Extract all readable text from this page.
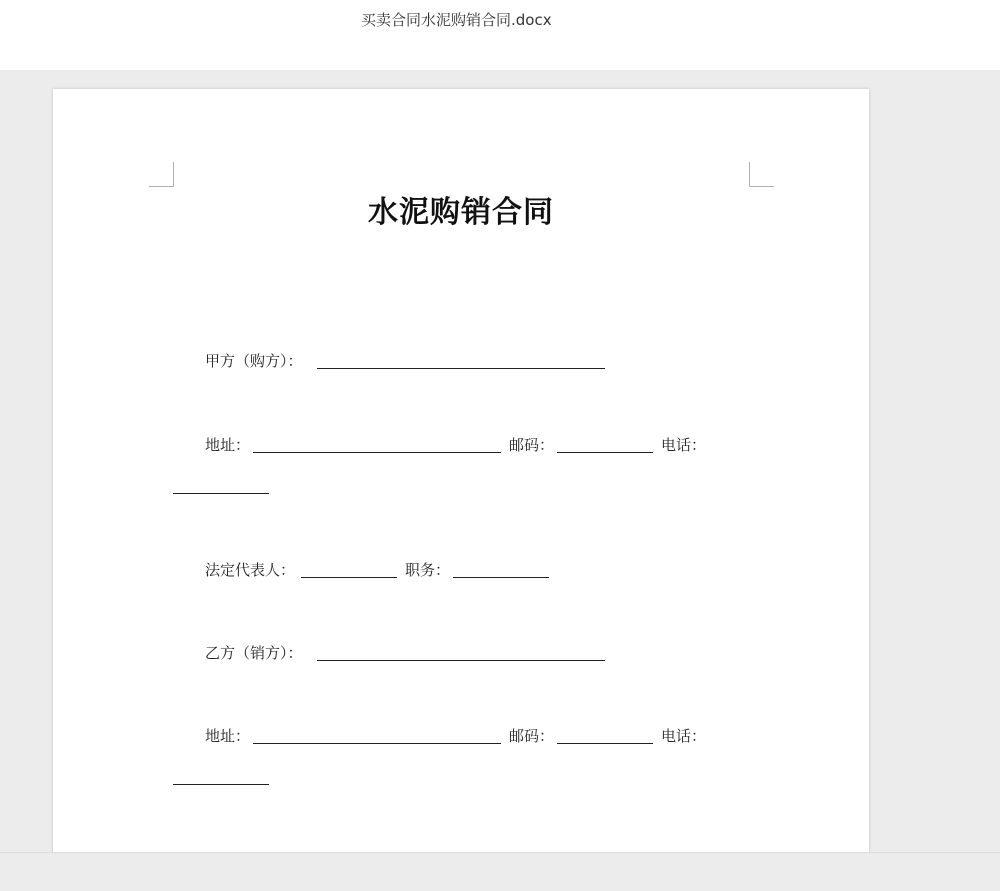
买卖合同水泥购销合同.docx
水泥购销合同
甲方（购方）：
地址：	邮码：	电话：
法定代表人：	职务：
乙方（销方）：
地址：	邮码：	电话：
